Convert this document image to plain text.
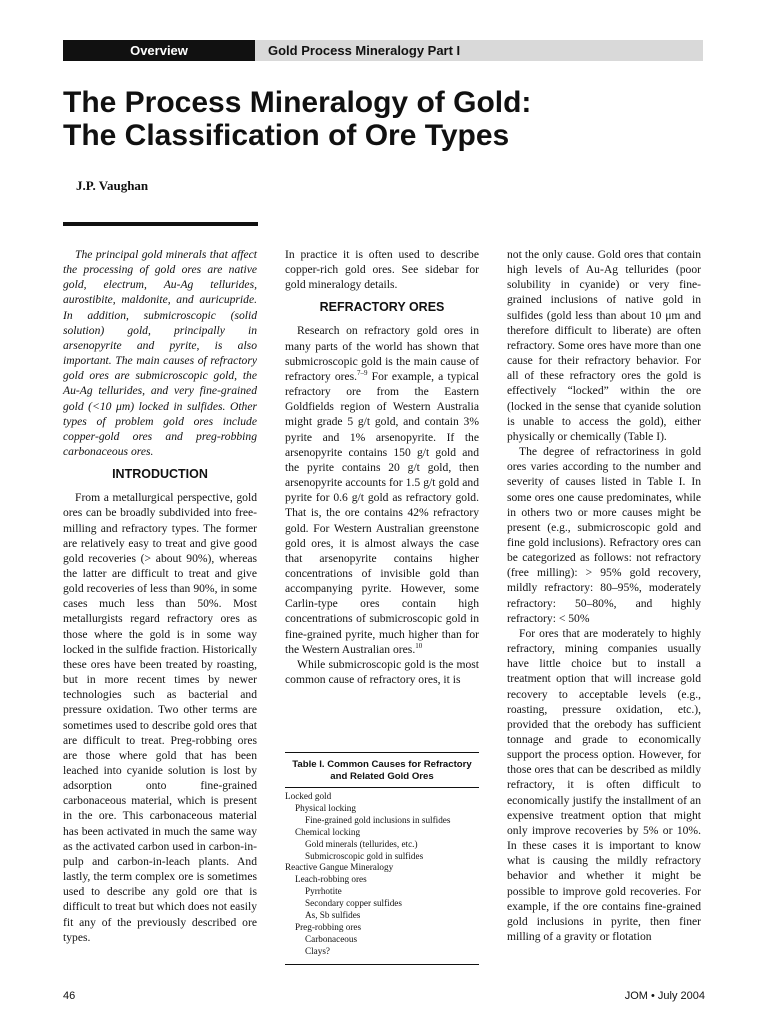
Overview	Gold Process Mineralogy Part I
The Process Mineralogy of Gold:
The Classification of Ore Types

J.P. Vaughan

The principal gold minerals that affect the processing of gold ores are native gold, electrum, Au-Ag tellurides, aurostibite, maldonite, and auricupride. In addition, submicroscopic (solid solution) gold, principally in arsenopyrite and pyrite, is also important. The main causes of refractory gold ores are submicroscopic gold, the Au-Ag tellurides, and very fine-grained gold (<10 μm) locked in sulfides. Other types of problem gold ores include copper-gold ores and preg-robbing carbonaceous ores.

INTRODUCTION

From a metallurgical perspective, gold ores can be broadly subdivided into free-milling and refractory types. The former are relatively easy to treat and give good gold recoveries (> about 90%), whereas the latter are difficult to treat and give gold recoveries of less than 90%, in some cases much less than 50%. Most metallurgists regard refractory ores as those where the gold is in some way locked in the sulfide fraction. Historically these ores have been treated by roasting, but in more recent times by newer technologies such as bacterial and pressure oxidation. Two other terms are sometimes used to describe gold ores that are difficult to treat. Preg-robbing ores are those where gold that has been leached into cyanide solution is lost by adsorption onto fine-grained carbonaceous material, which is present in the ore. This carbonaceous material has been activated in much the same way as the activated carbon used in carbon-in-pulp and carbon-in-leach plants. And lastly, the term complex ore is sometimes used to describe any gold ore that is difficult to treat but which does not easily fit any of the previously described ore types.

In practice it is often used to describe copper-rich gold ores. See sidebar for gold mineralogy details.

REFRACTORY ORES

Research on refractory gold ores in many parts of the world has shown that submicroscopic gold is the main cause of refractory ores.$^{7-9}$ For example, a typical refractory ore from the Eastern Goldfields region of Western Australia might grade 5 g/t gold, and contain 3% pyrite and 1% arsenopyrite. If the arsenopyrite contains 150 g/t gold and the pyrite contains 20 g/t gold, then arsenopyrite accounts for 1.5 g/t gold and pyrite for 0.6 g/t gold as refractory gold. That is, the ore contains 42% refractory gold. For Western Australian greenstone gold ores, it is almost always the case that arsenopyrite contains higher concentrations of invisible gold than accompanying pyrite. However, some Carlin-type ores contain high concentrations of submicroscopic gold in fine-grained pyrite, much higher than for the Western Australian ores.$^{10}$

While submicroscopic gold is the most common cause of refractory ores, it is

Table I. Common Causes for Refractory and Related Gold Ores
Locked gold
Physical locking
Fine-grained gold inclusions in sulfides
Chemical locking
Gold minerals (tellurides, etc.)
Submicroscopic gold in sulfides
Reactive Gangue Mineralogy
Leach-robbing ores
Pyrrhotite
Secondary copper sulfides
As, Sb sulfides
Preg-robbing ores
Carbonaceous
Clays?

not the only cause. Gold ores that contain high levels of Au-Ag tellurides (poor solubility in cyanide) or very fine-grained inclusions of native gold in sulfides (gold less than about 10 μm and therefore difficult to liberate) are often refractory. Some ores have more than one cause for their refractory behavior. For all of these refractory ores the gold is effectively “locked” within the ore (locked in the sense that cyanide solution is unable to access the gold), either physically or chemically (Table I).

The degree of refractoriness in gold ores varies according to the number and severity of causes listed in Table I. In some ores one cause predominates, while in others two or more causes might be present (e.g., submicroscopic gold and fine gold inclusions). Refractory ores can be categorized as follows: not refractory (free milling): > 95% gold recovery, mildly refractory: 80–95%, moderately refractory: 50–80%, and highly refractory: < 50%

For ores that are moderately to highly refractory, mining companies usually have little choice but to install a treatment option that will increase gold recovery to acceptable levels (e.g., roasting, pressure oxidation, etc.), provided that the orebody has sufficient tonnage and grade to economically support the process option. However, for those ores that can be described as mildly refractory, it is often difficult to economically justify the installment of an expensive treatment option that might only improve recoveries by 5% or 10%. In these cases it is important to know what is causing the mildly refractory behavior and whether it might be possible to improve gold recoveries. For example, if the ore contains fine-grained gold inclusions in pyrite, then finer milling of a gravity or flotation

46	JOM • July 2004
